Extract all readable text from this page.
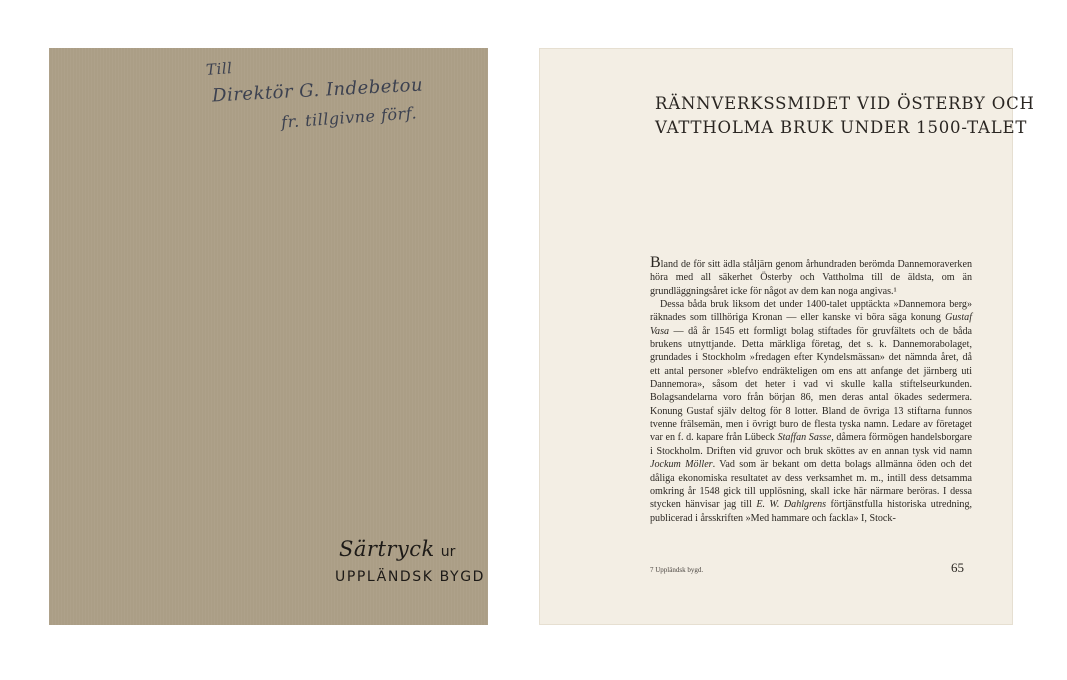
Till
Direktör G. Indebetou
fr. tillgivne förf.
Särtryck ur
UPPLÄNDSK BYGD
RÄNNVERKSSMIDET VID ÖSTERBY OCH
VATTHOLMA BRUK UNDER 1500-TALET

Bland de för sitt ädla ståljärn genom århundraden berömda Dannemoraverken höra med all säkerhet Österby och Vattholma till de äldsta, om än grundläggningsåret icke för något av dem kan noga angivas.¹

Dessa båda bruk liksom det under 1400-talet upptäckta »Dannemora berg» räknades som tillhöriga Kronan — eller kanske vi böra säga konung Gustaf Vasa — då år 1545 ett formligt bolag stiftades för gruvfältets och de båda brukens utnyttjande. Detta märkliga företag, det s. k. Dannemorabolaget, grundades i Stockholm »fredagen efter Kyndelsmässan» det nämnda året, då ett antal personer »blefvo endräkteligen om ens att anfange det järnberg uti Dannemora», såsom det heter i vad vi skulle kalla stiftelseurkunden. Bolagsandelarna voro från början 86, men deras antal ökades sedermera. Konung Gustaf själv deltog för 8 lotter. Bland de övriga 13 stiftarna funnos tvenne frälsemän, men i övrigt buro de flesta tyska namn. Ledare av företaget var en f. d. kapare från Lübeck Staffan Sasse, dåmera förmögen handelsborgare i Stockholm. Driften vid gruvor och bruk sköttes av en annan tysk vid namn Jockum Möller. Vad som är bekant om detta bolags allmänna öden och det dåliga ekonomiska resultatet av dess verksamhet m. m., intill dess detsamma omkring år 1548 gick till upplösning, skall icke här närmare beröras. I dessa stycken hänvisar jag till E. W. Dahlgrens förtjänstfulla historiska utredning, publicerad i årsskriften »Med hammare och fackla» I, Stock-

7 Uppländsk bygd.	65
